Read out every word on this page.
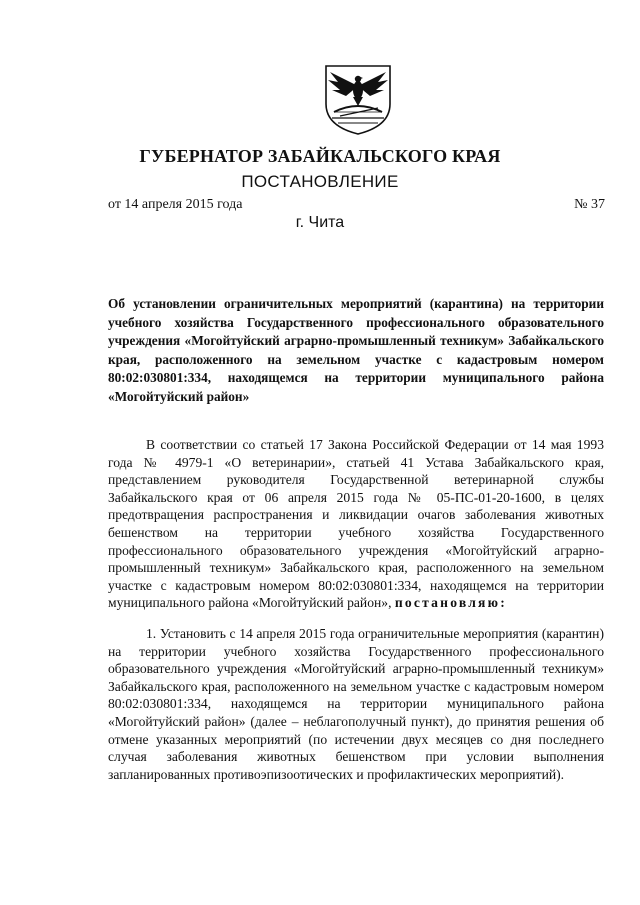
ГУБЕРНАТОР ЗАБАЙКАЛЬСКОГО КРАЯ
ПОСТАНОВЛЕНИЕ
от 14 апреля 2015 года	№ 37
г. Чита

Об установлении ограничительных мероприятий (карантина) на территории учебного хозяйства Государственного профессионального образовательного учреждения «Могойтуйский аграрно-промышленный техникум» Забайкальского края, расположенного на земельном участке с кадастровым номером 80:02:030801:334, находящемся на территории муниципального района «Могойтуйский район»

В соответствии со статьей 17 Закона Российской Федерации от 14 мая 1993 года № 4979-1 «О ветеринарии», статьей 41 Устава Забайкальского края, представлением руководителя Государственной ветеринарной службы Забайкальского края от 06 апреля 2015 года № 05-ПС-01-20-1600, в целях предотвращения распространения и ликвидации очагов заболевания животных бешенством на территории учебного хозяйства Государственного профессионального образовательного учреждения «Могойтуйский аграрно-промышленный техникум» Забайкальского края, расположенного на земельном участке с кадастровым номером 80:02:030801:334, находящемся на территории муниципального района «Могойтуйский район», постановляю:

1. Установить с 14 апреля 2015 года ограничительные мероприятия (карантин) на территории учебного хозяйства Государственного профессионального образовательного учреждения «Могойтуйский аграрно-промышленный техникум» Забайкальского края, расположенного на земельном участке с кадастровым номером 80:02:030801:334, находящемся на территории муниципального района «Могойтуйский район» (далее – неблагополучный пункт), до принятия решения об отмене указанных мероприятий (по истечении двух месяцев со дня последнего случая заболевания животных бешенством при условии выполнения запланированных противоэпизоотических и профилактических мероприятий).
